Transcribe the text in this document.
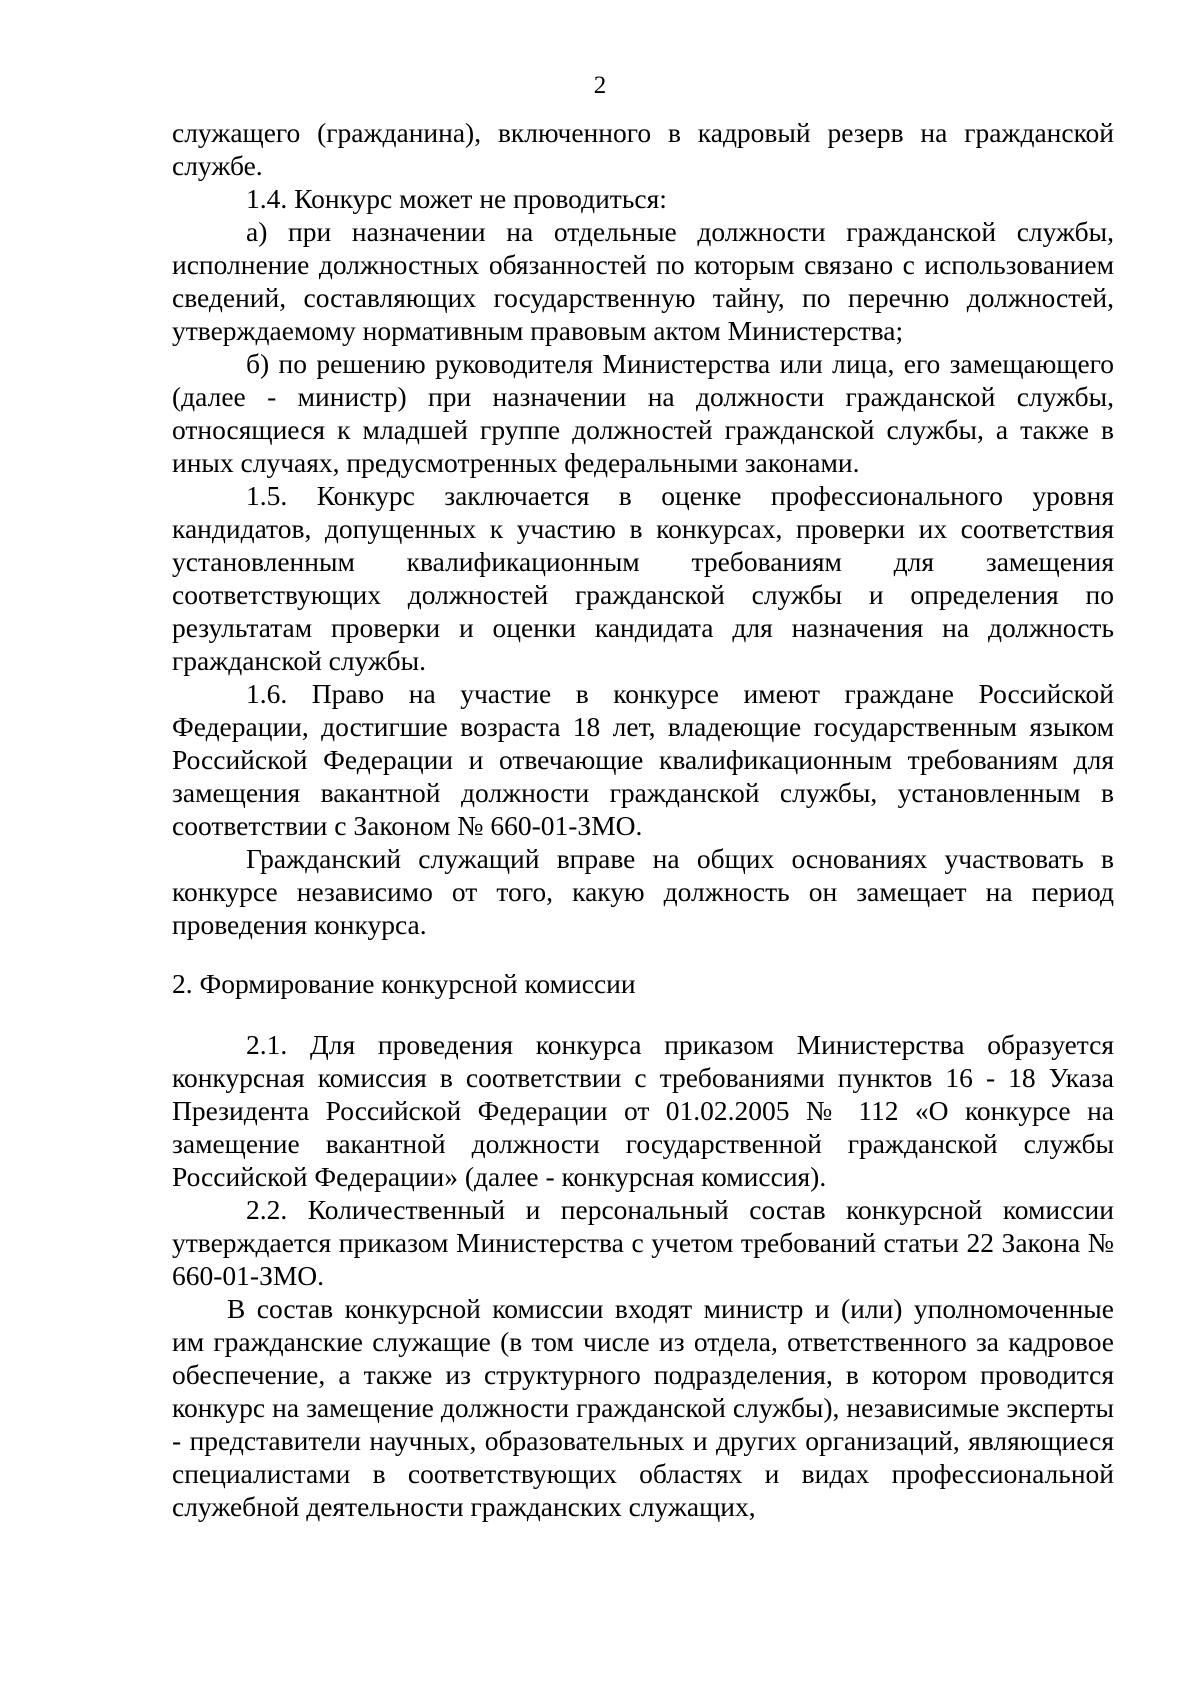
2

служащего (гражданина), включенного в кадровый резерв на гражданской службе.

1.4. Конкурс может не проводиться:

а) при назначении на отдельные должности гражданской службы, исполнение должностных обязанностей по которым связано с использованием сведений, составляющих государственную тайну, по перечню должностей, утверждаемому нормативным правовым актом Министерства;

б) по решению руководителя Министерства или лица, его замещающего (далее - министр) при назначении на должности гражданской службы, относящиеся к младшей группе должностей гражданской службы, а также в иных случаях, предусмотренных федеральными законами.

1.5. Конкурс заключается в оценке профессионального уровня кандидатов, допущенных к участию в конкурсах, проверки их соответствия установленным квалификационным требованиям для замещения соответствующих должностей гражданской службы и определения по результатам проверки и оценки кандидата для назначения на должность гражданской службы.

1.6. Право на участие в конкурсе имеют граждане Российской Федерации, достигшие возраста 18 лет, владеющие государственным языком Российской Федерации и отвечающие квалификационным требованиям для замещения вакантной должности гражданской службы, установленным в соответствии с Законом № 660-01-ЗМО.

Гражданский служащий вправе на общих основаниях участвовать в конкурсе независимо от того, какую должность он замещает на период проведения конкурса.

2. Формирование конкурсной комиссии

2.1. Для проведения конкурса приказом Министерства образуется конкурсная комиссия в соответствии с требованиями пунктов 16 - 18 Указа Президента Российской Федерации от 01.02.2005 № 112 «О конкурсе на замещение вакантной должности государственной гражданской службы Российской Федерации» (далее - конкурсная комиссия).

2.2. Количественный и персональный состав конкурсной комиссии утверждается приказом Министерства с учетом требований статьи 22 Закона № 660-01-ЗМО.

В состав конкурсной комиссии входят министр и (или) уполномоченные им гражданские служащие (в том числе из отдела, ответственного за кадровое обеспечение, а также из структурного подразделения, в котором проводится конкурс на замещение должности гражданской службы), независимые эксперты - представители научных, образовательных и других организаций, являющиеся специалистами в соответствующих областях и видах профессиональной служебной деятельности гражданских служащих,
